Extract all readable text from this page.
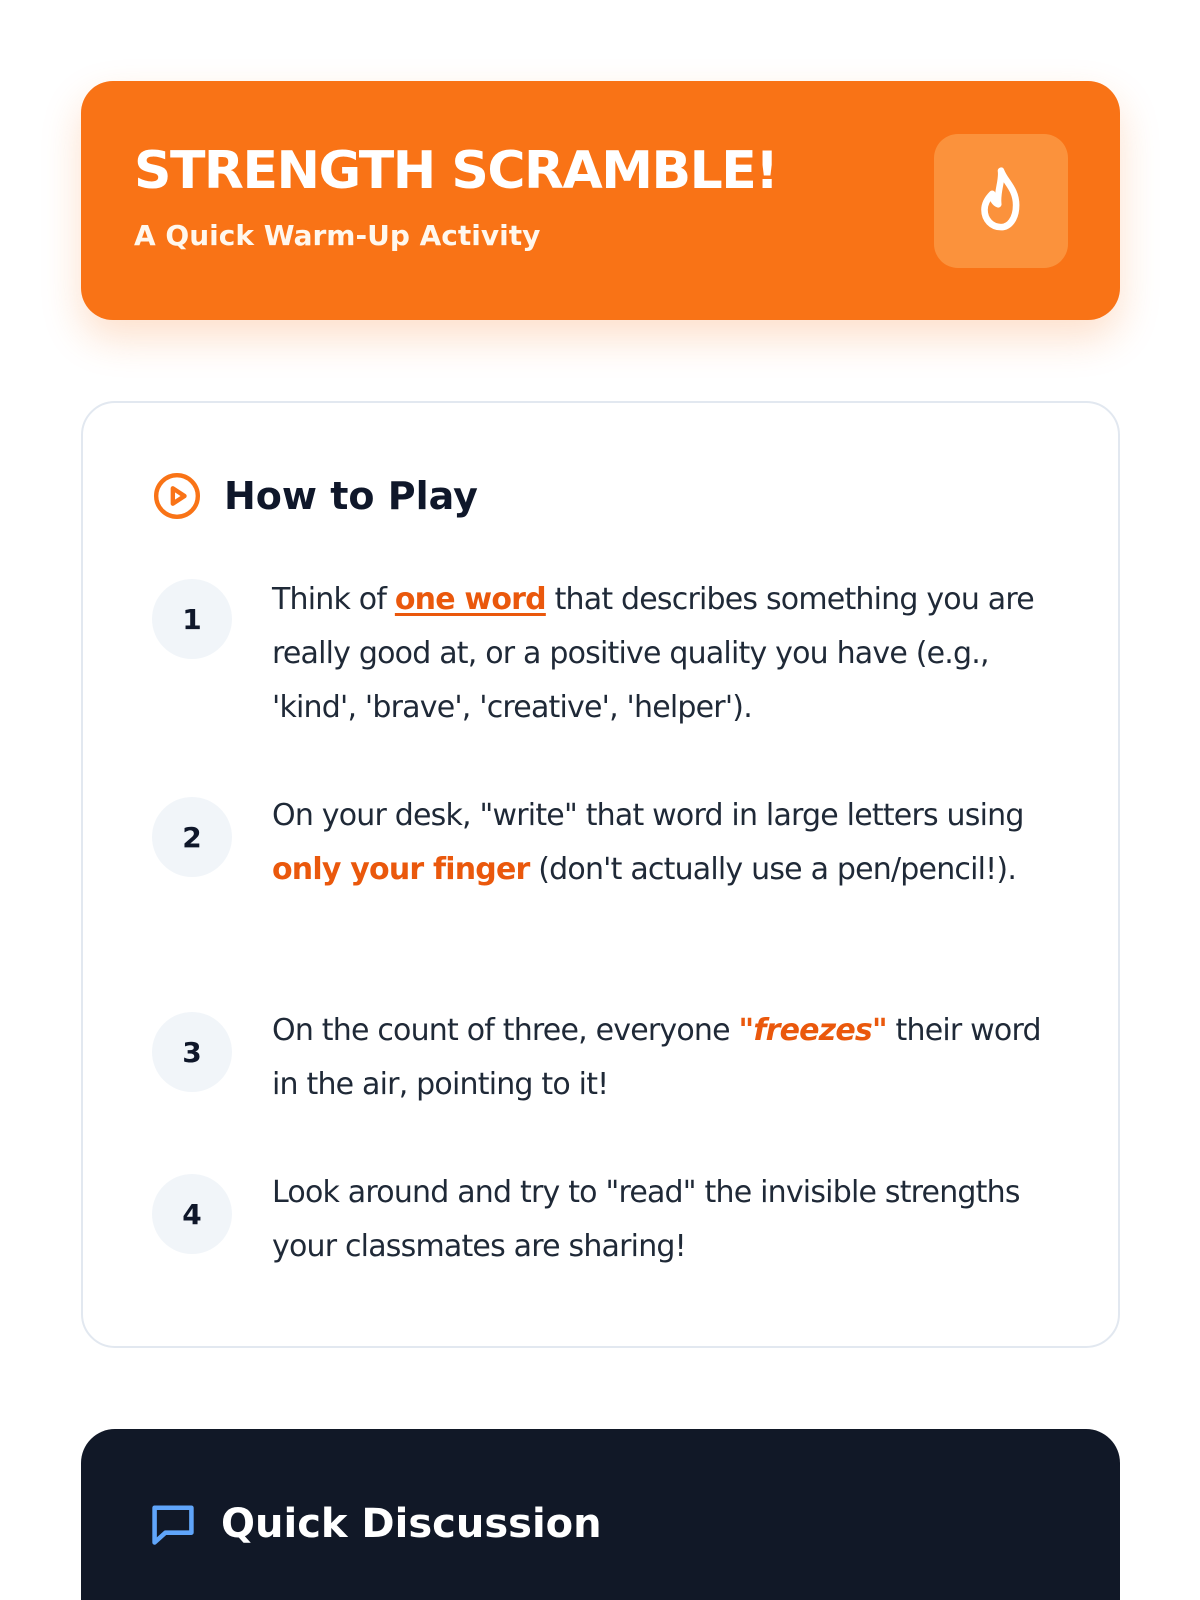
STRENGTH SCRAMBLE!
A Quick Warm-Up Activity
How to Play
1
Think of one word that describes something you are really good at, or a positive quality you have (e.g., 'kind', 'brave', 'creative', 'helper').
2
On your desk, "write" that word in large letters using only your finger (don't actually use a pen/pencil!).
3
On the count of three, everyone "freezes" their word in the air, pointing to it!
4
Look around and try to "read" the invisible strengths your classmates are sharing!
Quick Discussion
